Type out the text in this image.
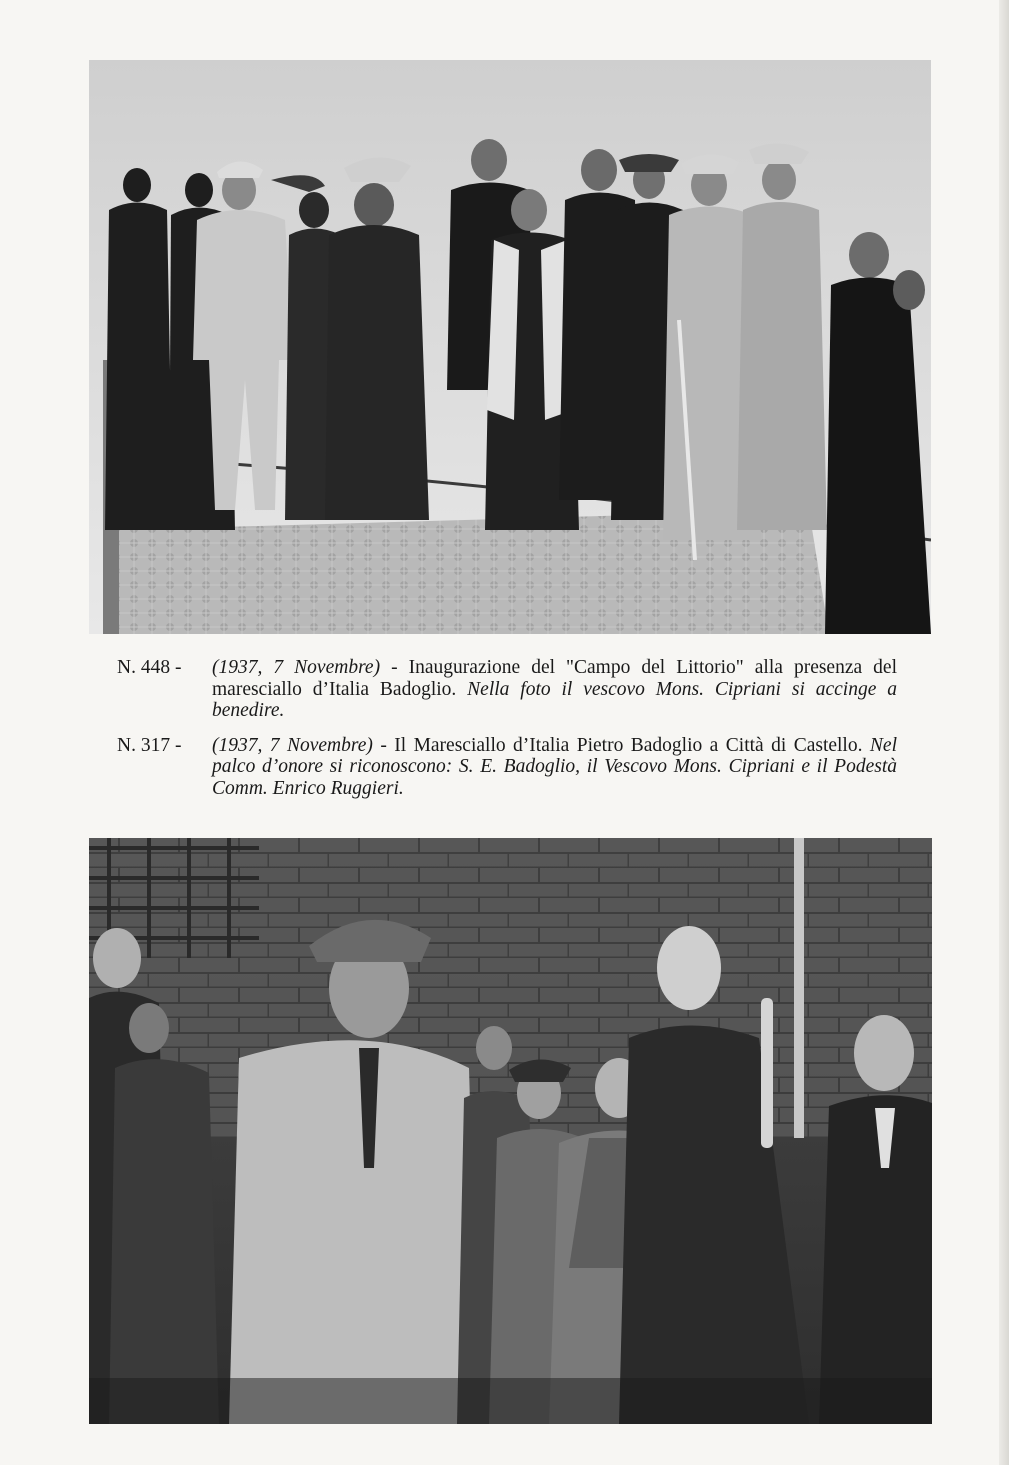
N. 448 -	(1937, 7 Novembre) - Inaugurazione del "Campo del Littorio" alla presenza del maresciallo d’Italia Badoglio. Nella foto il vescovo Mons. Cipriani si accinge a benedire.
N. 317 -	(1937, 7 Novembre) - Il Maresciallo d’Italia Pietro Badoglio a Città di Castello. Nel palco d’onore si riconoscono: S. E. Badoglio, il Vescovo Mons. Cipriani e il Podestà Comm. Enrico Ruggieri.
